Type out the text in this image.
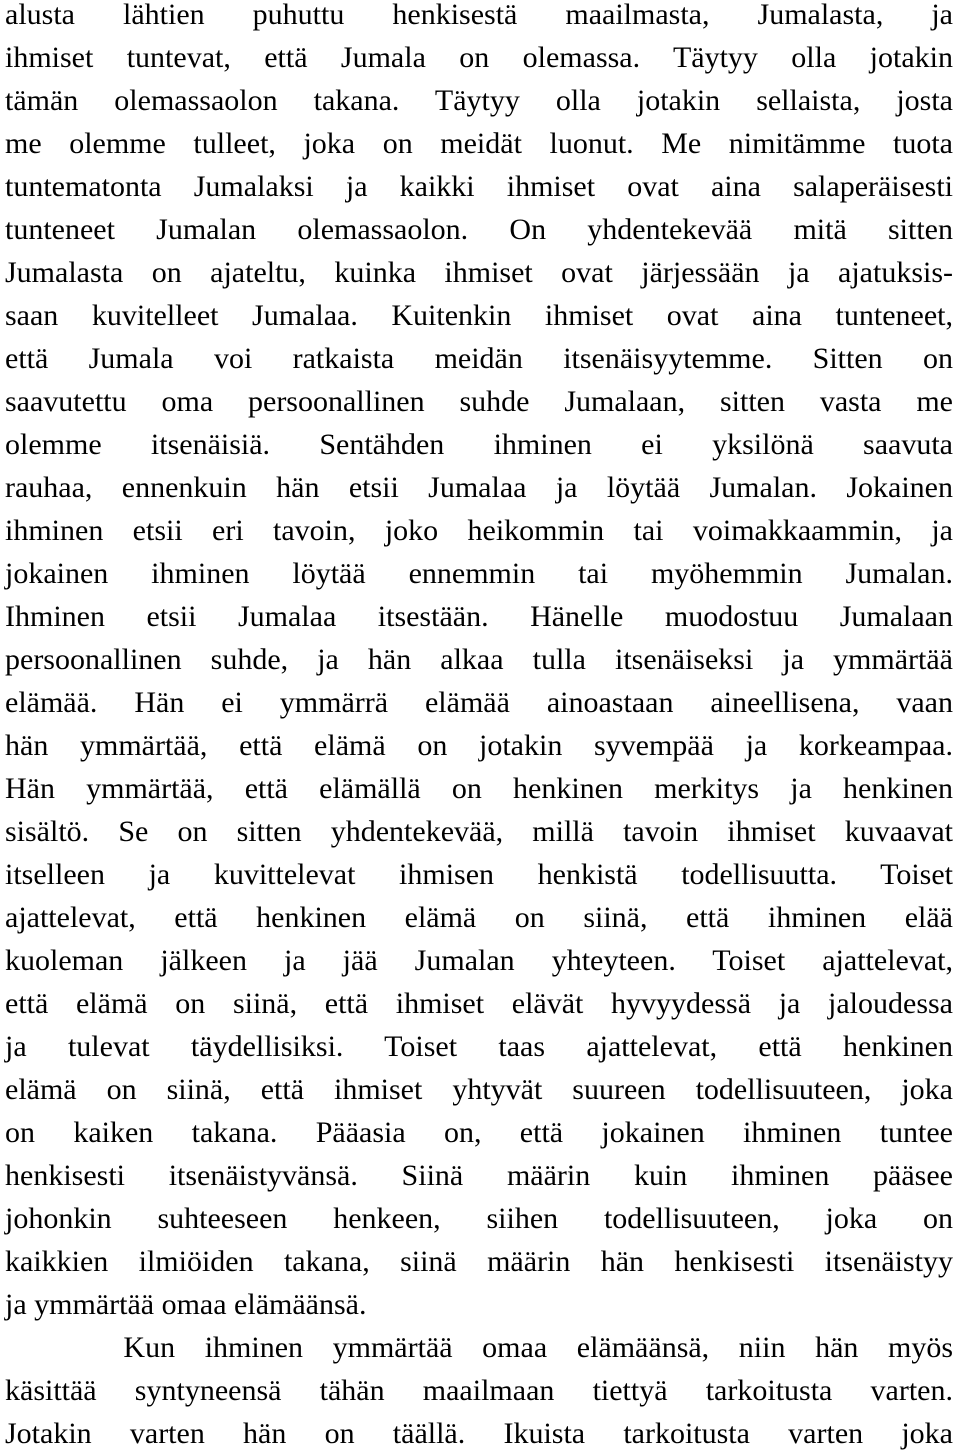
alusta lähtien puhuttu henkisestä maailmasta, Jumalasta, ja
ihmiset tuntevat, että Jumala on olemassa. Täytyy olla jotakin
tämän olemassaolon takana. Täytyy olla jotakin sellaista, josta
me olemme tulleet, joka on meidät luonut. Me nimitämme tuota
tuntematonta Jumalaksi ja kaikki ihmiset ovat aina salaperäisesti
tunteneet Jumalan olemassaolon. On yhdentekevää mitä sitten
Jumalasta on ajateltu, kuinka ihmiset ovat järjessään ja ajatuksis-
saan kuvitelleet Jumalaa. Kuitenkin ihmiset ovat aina tunteneet,
että Jumala voi ratkaista meidän itsenäisyytemme. Sitten on
saavutettu oma persoonallinen suhde Jumalaan, sitten vasta me
olemme itsenäisiä. Sentähden ihminen ei yksilönä saavuta
rauhaa, ennenkuin hän etsii Jumalaa ja löytää Jumalan. Jokainen
ihminen etsii eri tavoin, joko heikommin tai voimakkaammin, ja
jokainen ihminen löytää ennemmin tai myöhemmin Jumalan.
Ihminen etsii Jumalaa itsestään. Hänelle muodostuu Jumalaan
persoonallinen suhde, ja hän alkaa tulla itsenäiseksi ja ymmärtää
elämää. Hän ei ymmärrä elämää ainoastaan aineellisena, vaan
hän ymmärtää, että elämä on jotakin syvempää ja korkeampaa.
Hän ymmärtää, että elämällä on henkinen merkitys ja henkinen
sisältö. Se on sitten yhdentekevää, millä tavoin ihmiset kuvaavat
itselleen ja kuvittelevat ihmisen henkistä todellisuutta. Toiset
ajattelevat, että henkinen elämä on siinä, että ihminen elää
kuoleman jälkeen ja jää Jumalan yhteyteen. Toiset ajattelevat,
että elämä on siinä, että ihmiset elävät hyvyydessä ja jaloudessa
ja tulevat täydellisiksi. Toiset taas ajattelevat, että henkinen
elämä on siinä, että ihmiset yhtyvät suureen todellisuuteen, joka
on kaiken takana. Pääasia on, että jokainen ihminen tuntee
henkisesti itsenäistyvänsä. Siinä määrin kuin ihminen pääsee
johonkin suhteeseen henkeen, siihen todellisuuteen, joka on
kaikkien ilmiöiden takana, siinä määrin hän henkisesti itsenäistyy
ja ymmärtää omaa elämäänsä.
Kun ihminen ymmärtää omaa elämäänsä, niin hän myös
käsittää syntyneensä tähän maailmaan tiettyä tarkoitusta varten.
Jotakin varten hän on täällä. Ikuista tarkoitusta varten joka
